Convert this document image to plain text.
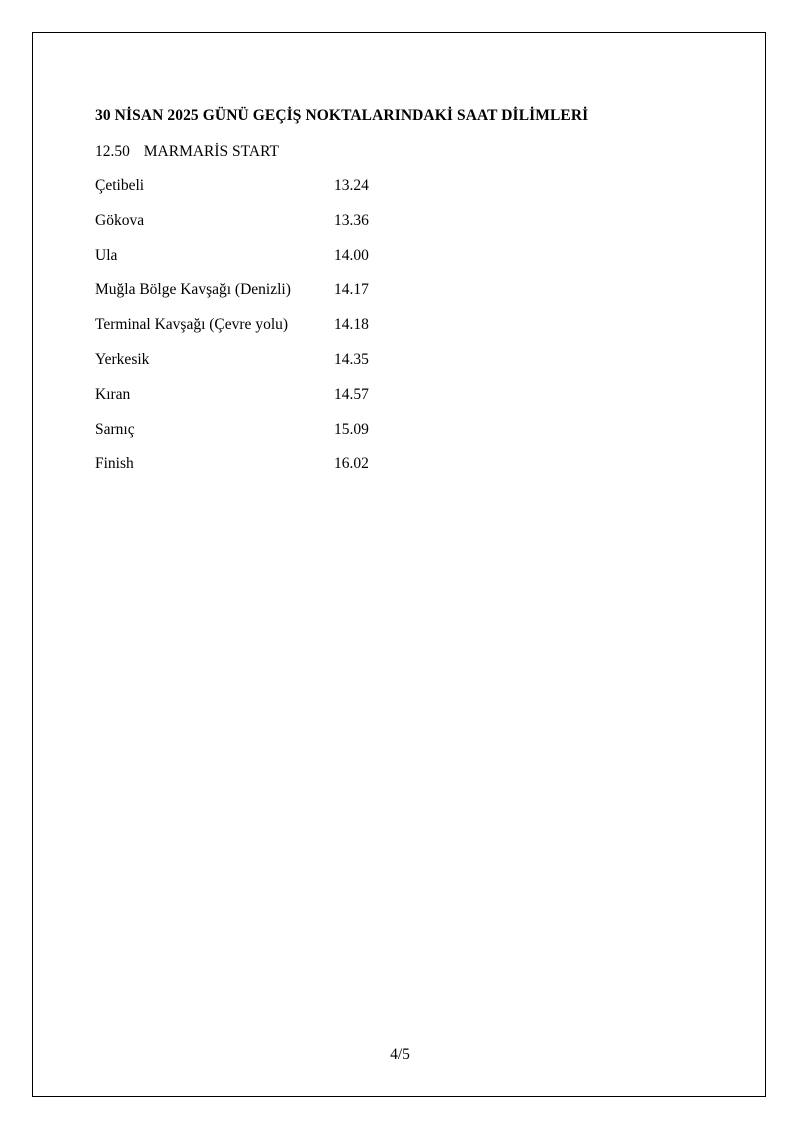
30 NİSAN 2025 GÜNÜ GEÇİŞ NOKTALARINDAKİ SAAT DİLİMLERİ
12.50 MARMARİS START
Çetibeli	13.24
Gökova	13.36
Ula	14.00
Muğla Bölge Kavşağı (Denizli)	14.17
Terminal Kavşağı (Çevre yolu)	14.18
Yerkesik	14.35
Kıran	14.57
Sarnıç	15.09
Finish	16.02
4/5
